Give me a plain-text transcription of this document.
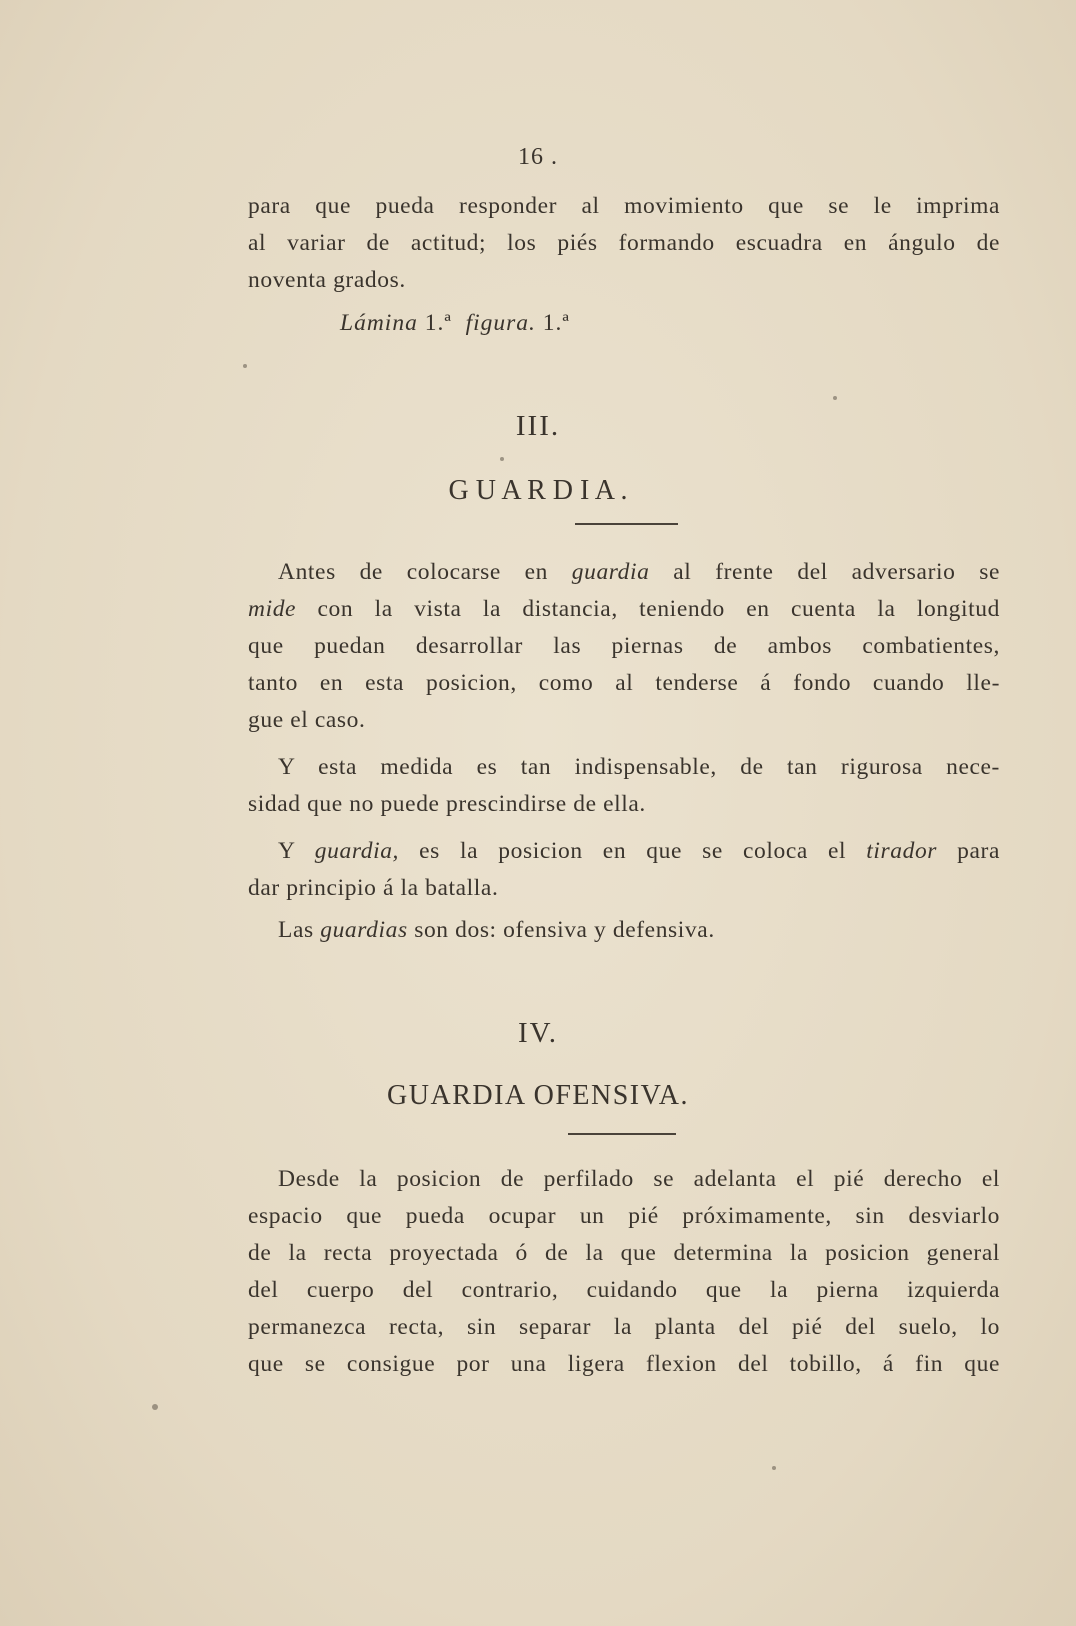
16 .
para que pueda responder al movimiento que se le imprima
al variar de actitud; los piés formando escuadra en ángulo de
noventa grados.
Lámina 1.ª figura. 1.ª
III.
G U A R D I A .
Antes de colocarse en guardia al frente del adversario se
mide con la vista la distancia, teniendo en cuenta la longitud
que puedan desarrollar las piernas de ambos combatientes,
tanto en esta posicion, como al tenderse á fondo cuando lle-
gue el caso.
Y esta medida es tan indispensable, de tan rigurosa nece-
sidad que no puede prescindirse de ella.
Y guardia, es la posicion en que se coloca el tirador para
dar principio á la batalla.
Las guardias son dos: ofensiva y defensiva.
IV.
GUARDIA OFENSIVA.
Desde la posicion de perfilado se adelanta el pié derecho el
espacio que pueda ocupar un pié próximamente, sin desviarlo
de la recta proyectada ó de la que determina la posicion general
del cuerpo del contrario, cuidando que la pierna izquierda
permanezca recta, sin separar la planta del pié del suelo, lo
que se consigue por una ligera flexion del tobillo, á fin que
